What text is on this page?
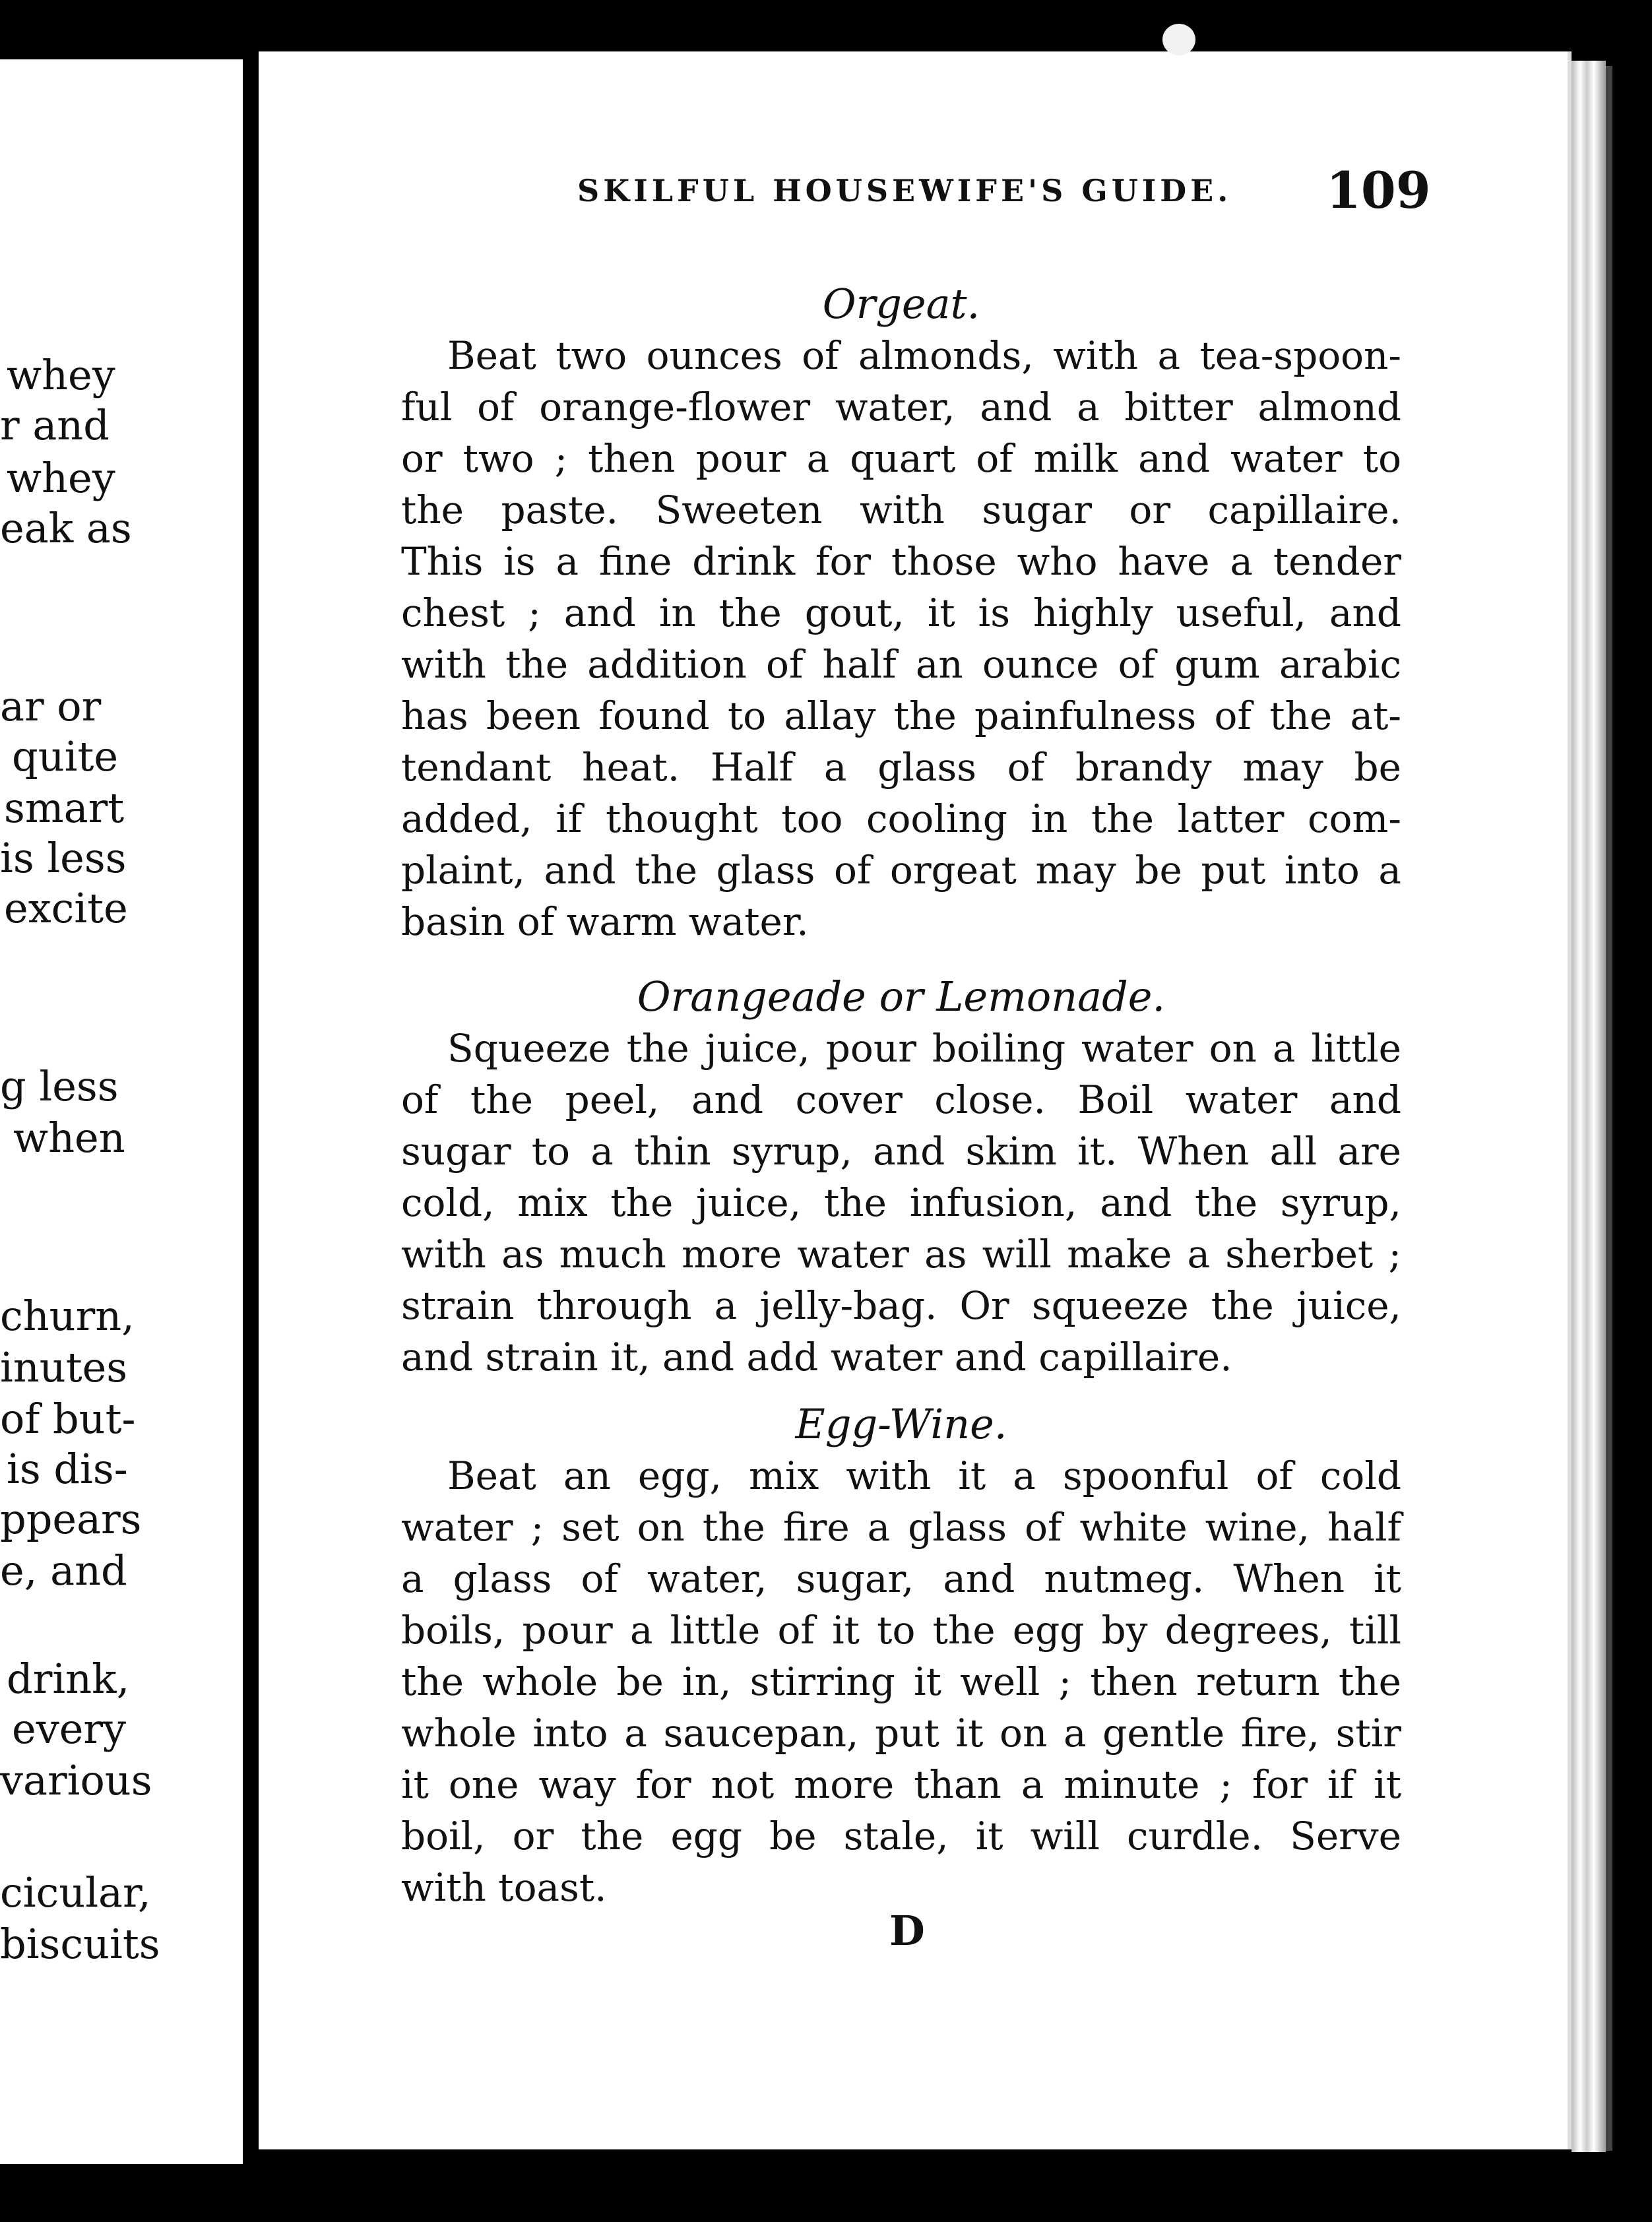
whey
r and
whey
eak as
ar or
quite
smart
is less
excite
g less
when
churn,
inutes
of but-
is dis-
ppears
e, and
drink,
every
various
cicular,
biscuits
SKILFUL HOUSEWIFE'S GUIDE. 109

Orgeat.

Beat two ounces of almonds, with a tea-spoon-
ful of orange-flower water, and a bitter almond
or two ; then pour a quart of milk and water to
the paste. Sweeten with sugar or capillaire.
This is a fine drink for those who have a tender
chest ; and in the gout, it is highly useful, and
with the addition of half an ounce of gum arabic
has been found to allay the painfulness of the at-
tendant heat. Half a glass of brandy may be
added, if thought too cooling in the latter com-
plaint, and the glass of orgeat may be put into a
basin of warm water.

Orangeade or Lemonade.

Squeeze the juice, pour boiling water on a little
of the peel, and cover close. Boil water and
sugar to a thin syrup, and skim it. When all are
cold, mix the juice, the infusion, and the syrup,
with as much more water as will make a sherbet ;
strain through a jelly-bag. Or squeeze the juice,
and strain it, and add water and capillaire.

Egg-Wine.

Beat an egg, mix with it a spoonful of cold
water ; set on the fire a glass of white wine, half
a glass of water, sugar, and nutmeg. When it
boils, pour a little of it to the egg by degrees, till
the whole be in, stirring it well ; then return the
whole into a saucepan, put it on a gentle fire, stir
it one way for not more than a minute ; for if it
boil, or the egg be stale, it will curdle. Serve
with toast.
D
